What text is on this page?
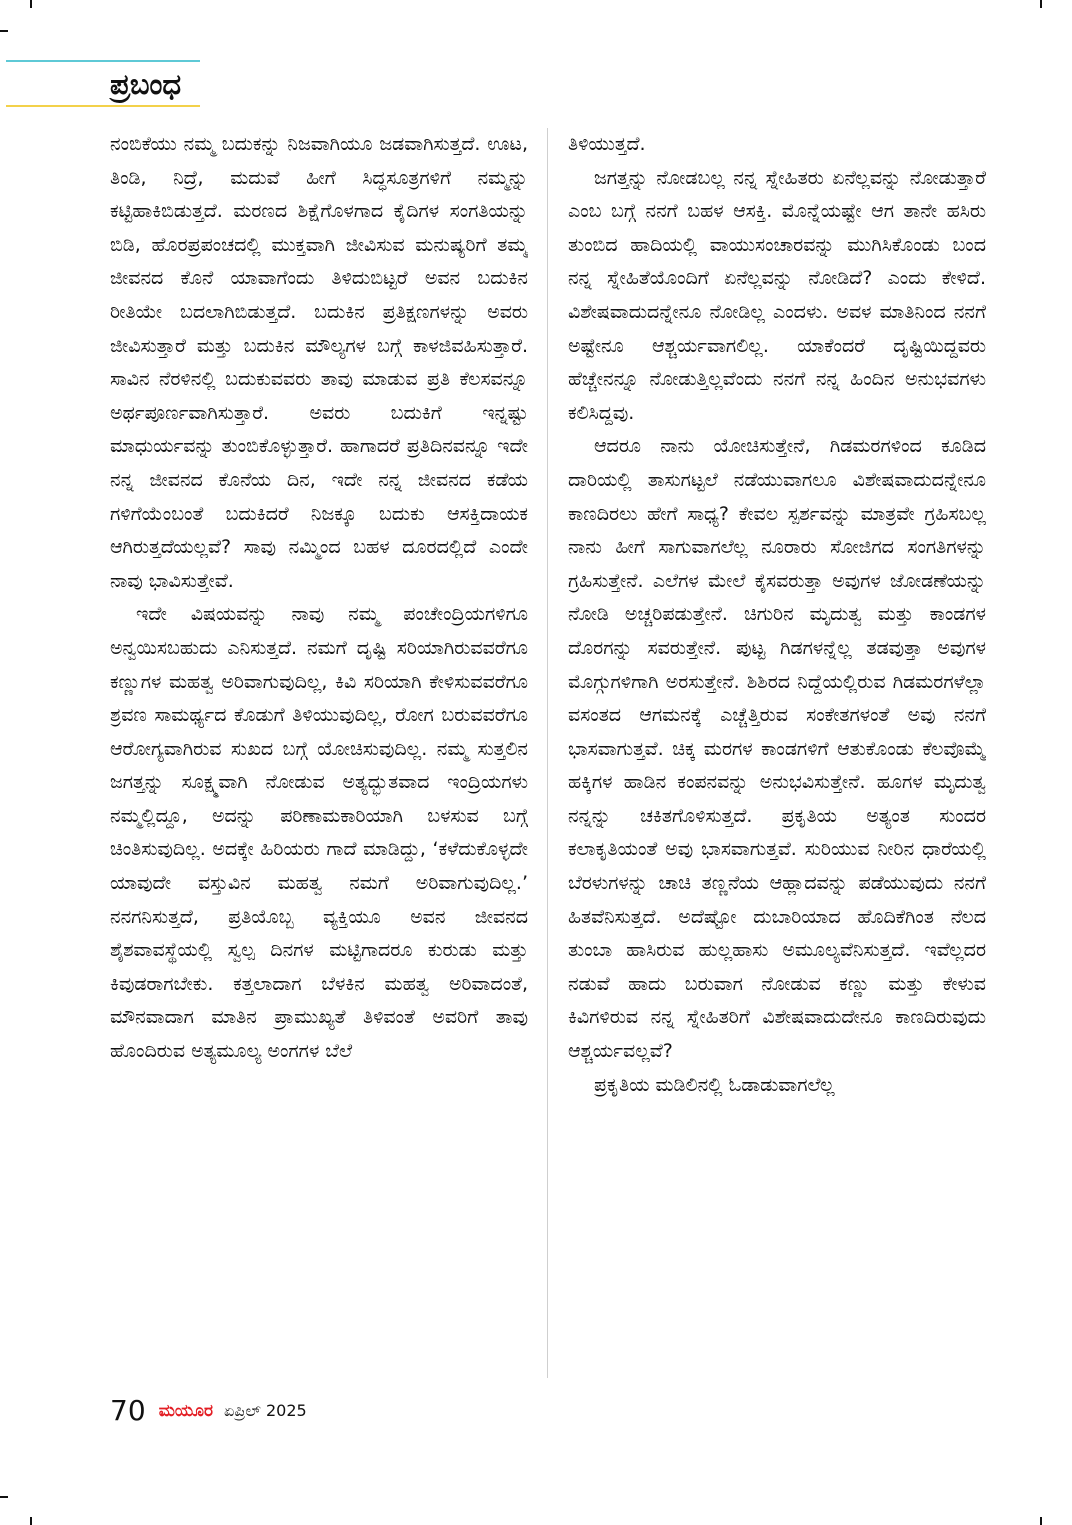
ಪ್ರಬಂಧ

ನಂಬಿಕೆಯು ನಮ್ಮ ಬದುಕನ್ನು ನಿಜವಾಗಿಯೂ ಜಡವಾಗಿಸುತ್ತದೆ. ಊಟ, ತಿಂಡಿ, ನಿದ್ರೆ, ಮದುವೆ ಹೀಗೆ ಸಿದ್ಧಸೂತ್ರಗಳಿಗೆ ನಮ್ಮನ್ನು ಕಟ್ಟಿಹಾಕಿಬಿಡುತ್ತದೆ. ಮರಣದ ಶಿಕ್ಷೆಗೊಳಗಾದ ಕೈದಿಗಳ ಸಂಗತಿಯನ್ನು ಬಿಡಿ, ಹೊರಪ್ರಪಂಚದಲ್ಲಿ ಮುಕ್ತವಾಗಿ ಜೀವಿಸುವ ಮನುಷ್ಯರಿಗೆ ತಮ್ಮ ಜೀವನದ ಕೊನೆ ಯಾವಾಗೆಂದು ತಿಳಿದುಬಿಟ್ಟರೆ ಅವನ ಬದುಕಿನ ರೀತಿಯೇ ಬದಲಾಗಿಬಿಡುತ್ತದೆ. ಬದುಕಿನ ಪ್ರತಿಕ್ಷಣಗಳನ್ನು ಅವರು ಜೀವಿಸುತ್ತಾರೆ ಮತ್ತು ಬದುಕಿನ ಮೌಲ್ಯಗಳ ಬಗ್ಗೆ ಕಾಳಜಿವಹಿಸುತ್ತಾರೆ. ಸಾವಿನ ನೆರಳಿನಲ್ಲಿ ಬದುಕುವವರು ತಾವು ಮಾಡುವ ಪ್ರತಿ ಕೆಲಸವನ್ನೂ ಅರ್ಥಪೂರ್ಣವಾಗಿಸುತ್ತಾರೆ. ಅವರು ಬದುಕಿಗೆ ಇನ್ನಷ್ಟು ಮಾಧುರ್ಯವನ್ನು ತುಂಬಿಕೊಳ್ಳುತ್ತಾರೆ. ಹಾಗಾದರೆ ಪ್ರತಿದಿನವನ್ನೂ ಇದೇ ನನ್ನ ಜೀವನದ ಕೊನೆಯ ದಿನ, ಇದೇ ನನ್ನ ಜೀವನದ ಕಡೆಯ ಗಳಿಗೆಯೆಂಬಂತೆ ಬದುಕಿದರೆ ನಿಜಕ್ಕೂ ಬದುಕು ಆಸಕ್ತಿದಾಯಕ ಆಗಿರುತ್ತದೆಯಲ್ಲವೆ? ಸಾವು ನಮ್ಮಿಂದ ಬಹಳ ದೂರದಲ್ಲಿದೆ ಎಂದೇ ನಾವು ಭಾವಿಸುತ್ತೇವೆ.

ಇದೇ ವಿಷಯವನ್ನು ನಾವು ನಮ್ಮ ಪಂಚೇಂದ್ರಿಯಗಳಿಗೂ ಅನ್ವಯಿಸಬಹುದು ಎನಿಸುತ್ತದೆ. ನಮಗೆ ದೃಷ್ಟಿ ಸರಿಯಾಗಿರುವವರೆಗೂ ಕಣ್ಣುಗಳ ಮಹತ್ವ ಅರಿವಾಗುವುದಿಲ್ಲ, ಕಿವಿ ಸರಿಯಾಗಿ ಕೇಳಿಸುವವರೆಗೂ ಶ್ರವಣ ಸಾಮರ್ಥ್ಯದ ಕೊಡುಗೆ ತಿಳಿಯುವುದಿಲ್ಲ, ರೋಗ ಬರುವವರೆಗೂ ಆರೋಗ್ಯವಾಗಿರುವ ಸುಖದ ಬಗ್ಗೆ ಯೋಚಿಸುವುದಿಲ್ಲ. ನಮ್ಮ ಸುತ್ತಲಿನ ಜಗತ್ತನ್ನು ಸೂಕ್ಷ್ಮವಾಗಿ ನೋಡುವ ಅತ್ಯದ್ಭುತವಾದ ಇಂದ್ರಿಯಗಳು ನಮ್ಮಲ್ಲಿದ್ದೂ, ಅದನ್ನು ಪರಿಣಾಮಕಾರಿಯಾಗಿ ಬಳಸುವ ಬಗ್ಗೆ ಚಿಂತಿಸುವುದಿಲ್ಲ. ಅದಕ್ಕೇ ಹಿರಿಯರು ಗಾದೆ ಮಾಡಿದ್ದು, ‘ಕಳೆದುಕೊಳ್ಳದೇ ಯಾವುದೇ ವಸ್ತುವಿನ ಮಹತ್ವ ನಮಗೆ ಅರಿವಾಗುವುದಿಲ್ಲ.’ ನನಗನಿಸುತ್ತದೆ, ಪ್ರತಿಯೊಬ್ಬ ವ್ಯಕ್ತಿಯೂ ಅವನ ಜೀವನದ ಶೈಶವಾವಸ್ಥೆಯಲ್ಲಿ ಸ್ವಲ್ಪ ದಿನಗಳ ಮಟ್ಟಿಗಾದರೂ ಕುರುಡು ಮತ್ತು ಕಿವುಡರಾಗಬೇಕು. ಕತ್ತಲಾದಾಗ ಬೆಳಕಿನ ಮಹತ್ವ ಅರಿವಾದಂತೆ, ಮೌನವಾದಾಗ ಮಾತಿನ ಪ್ರಾಮುಖ್ಯತೆ ತಿಳಿವಂತೆ ಅವರಿಗೆ ತಾವು ಹೊಂದಿರುವ ಅತ್ಯಮೂಲ್ಯ ಅಂಗಗಳ ಬೆಲೆ

ತಿಳಿಯುತ್ತದೆ.

ಜಗತ್ತನ್ನು ನೋಡಬಲ್ಲ ನನ್ನ ಸ್ನೇಹಿತರು ಏನೆಲ್ಲವನ್ನು ನೋಡುತ್ತಾರೆ ಎಂಬ ಬಗ್ಗೆ ನನಗೆ ಬಹಳ ಆಸಕ್ತಿ. ಮೊನ್ನೆಯಷ್ಟೇ ಆಗ ತಾನೇ ಹಸಿರು ತುಂಬಿದ ಹಾದಿಯಲ್ಲಿ ವಾಯುಸಂಚಾರವನ್ನು ಮುಗಿಸಿಕೊಂಡು ಬಂದ ನನ್ನ ಸ್ನೇಹಿತೆಯೊಂದಿಗೆ ಏನೆಲ್ಲವನ್ನು ನೋಡಿದೆ? ಎಂದು ಕೇಳಿದೆ. ವಿಶೇಷವಾದುದನ್ನೇನೂ ನೋಡಿಲ್ಲ ಎಂದಳು. ಅವಳ ಮಾತಿನಿಂದ ನನಗೆ ಅಷ್ಟೇನೂ ಆಶ್ಚರ್ಯವಾಗಲಿಲ್ಲ. ಯಾಕೆಂದರೆ ದೃಷ್ಟಿಯಿದ್ದವರು ಹೆಚ್ಚೇನನ್ನೂ ನೋಡುತ್ತಿಲ್ಲವೆಂದು ನನಗೆ ನನ್ನ ಹಿಂದಿನ ಅನುಭವಗಳು ಕಲಿಸಿದ್ದವು.

ಆದರೂ ನಾನು ಯೋಚಿಸುತ್ತೇನೆ, ಗಿಡಮರಗಳಿಂದ ಕೂಡಿದ ದಾರಿಯಲ್ಲಿ ತಾಸುಗಟ್ಟಲೆ ನಡೆಯುವಾಗಲೂ ವಿಶೇಷವಾದುದನ್ನೇನೂ ಕಾಣದಿರಲು ಹೇಗೆ ಸಾಧ್ಯ? ಕೇವಲ ಸ್ಪರ್ಶವನ್ನು ಮಾತ್ರವೇ ಗ್ರಹಿಸಬಲ್ಲ ನಾನು ಹೀಗೆ ಸಾಗುವಾಗಲೆಲ್ಲ ನೂರಾರು ಸೋಜಿಗದ ಸಂಗತಿಗಳನ್ನು ಗ್ರಹಿಸುತ್ತೇನೆ. ಎಲೆಗಳ ಮೇಲೆ ಕೈಸವರುತ್ತಾ ಅವುಗಳ ಜೋಡಣೆಯನ್ನು ನೋಡಿ ಅಚ್ಚರಿಪಡುತ್ತೇನೆ. ಚಿಗುರಿನ ಮೃದುತ್ವ ಮತ್ತು ಕಾಂಡಗಳ ದೊರಗನ್ನು ಸವರುತ್ತೇನೆ. ಪುಟ್ಟ ಗಿಡಗಳನ್ನೆಲ್ಲ ತಡವುತ್ತಾ ಅವುಗಳ ಮೊಗ್ಗುಗಳಿಗಾಗಿ ಅರಸುತ್ತೇನೆ. ಶಿಶಿರದ ನಿದ್ದೆಯಲ್ಲಿರುವ ಗಿಡಮರಗಳೆಲ್ಲಾ ವಸಂತದ ಆಗಮನಕ್ಕೆ ಎಚ್ಚೆತ್ತಿರುವ ಸಂಕೇತಗಳಂತೆ ಅವು ನನಗೆ ಭಾಸವಾಗುತ್ತವೆ. ಚಿಕ್ಕ ಮರಗಳ ಕಾಂಡಗಳಿಗೆ ಆತುಕೊಂಡು ಕೆಲವೊಮ್ಮೆ ಹಕ್ಕಿಗಳ ಹಾಡಿನ ಕಂಪನವನ್ನು ಅನುಭವಿಸುತ್ತೇನೆ. ಹೂಗಳ ಮೃದುತ್ವ ನನ್ನನ್ನು ಚಕಿತಗೊಳಿಸುತ್ತದೆ. ಪ್ರಕೃತಿಯ ಅತ್ಯಂತ ಸುಂದರ ಕಲಾಕೃತಿಯಂತೆ ಅವು ಭಾಸವಾಗುತ್ತವೆ. ಸುರಿಯುವ ನೀರಿನ ಧಾರೆಯಲ್ಲಿ ಬೆರಳುಗಳನ್ನು ಚಾಚಿ ತಣ್ಣನೆಯ ಆಹ್ಲಾದವನ್ನು ಪಡೆಯುವುದು ನನಗೆ ಹಿತವೆನಿಸುತ್ತದೆ. ಅದೆಷ್ಟೋ ದುಬಾರಿಯಾದ ಹೊದಿಕೆಗಿಂತ ನೆಲದ ತುಂಬಾ ಹಾಸಿರುವ ಹುಲ್ಲಹಾಸು ಅಮೂಲ್ಯವೆನಿಸುತ್ತದೆ. ಇವೆಲ್ಲದರ ನಡುವೆ ಹಾದು ಬರುವಾಗ ನೋಡುವ ಕಣ್ಣು ಮತ್ತು ಕೇಳುವ ಕಿವಿಗಳಿರುವ ನನ್ನ ಸ್ನೇಹಿತರಿಗೆ ವಿಶೇಷವಾದುದೇನೂ ಕಾಣದಿರುವುದು ಆಶ್ಚರ್ಯವಲ್ಲವೆ?

ಪ್ರಕೃತಿಯ ಮಡಿಲಿನಲ್ಲಿ ಓಡಾಡುವಾಗಲೆಲ್ಲ

70 ಮಯೂರ ಏಪ್ರಿಲ್ 2025
